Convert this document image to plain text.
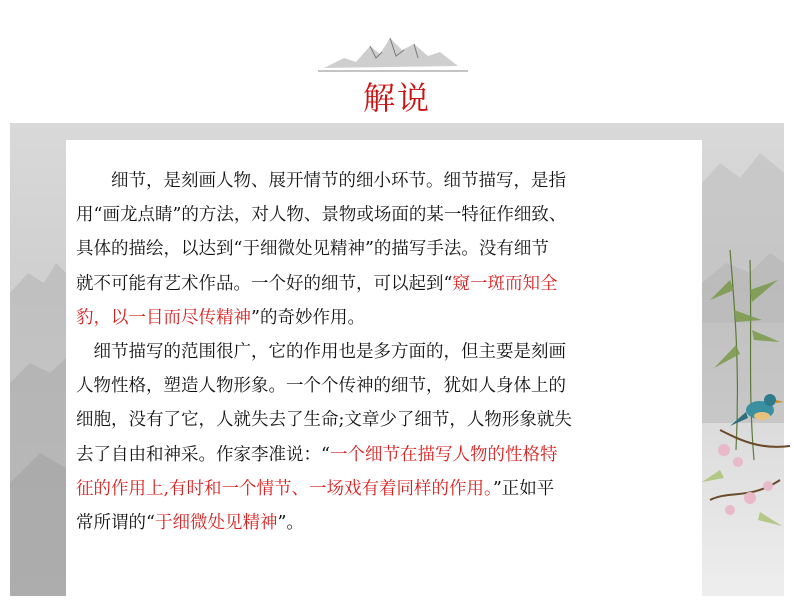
解说
　　细节，是刻画人物、展开情节的细小环节。细节描写，是指
用“画龙点睛”的方法，对人物、景物或场面的某一特征作细致、
具体的描绘，以达到“于细微处见精神”的描写手法。没有细节
就不可能有艺术作品。一个好的细节，可以起到“窥一斑而知全
豹，以一目而尽传精神”的奇妙作用。
　细节描写的范围很广，它的作用也是多方面的，但主要是刻画
人物性格，塑造人物形象。一个个传神的细节，犹如人身体上的
细胞，没有了它，人就失去了生命;文章少了细节，人物形象就失
去了自由和神采。作家李准说：“一个细节在描写人物的性格特
征的作用上,有时和一个情节、一场戏有着同样的作用。”正如平
常所谓的“于细微处见精神”。
